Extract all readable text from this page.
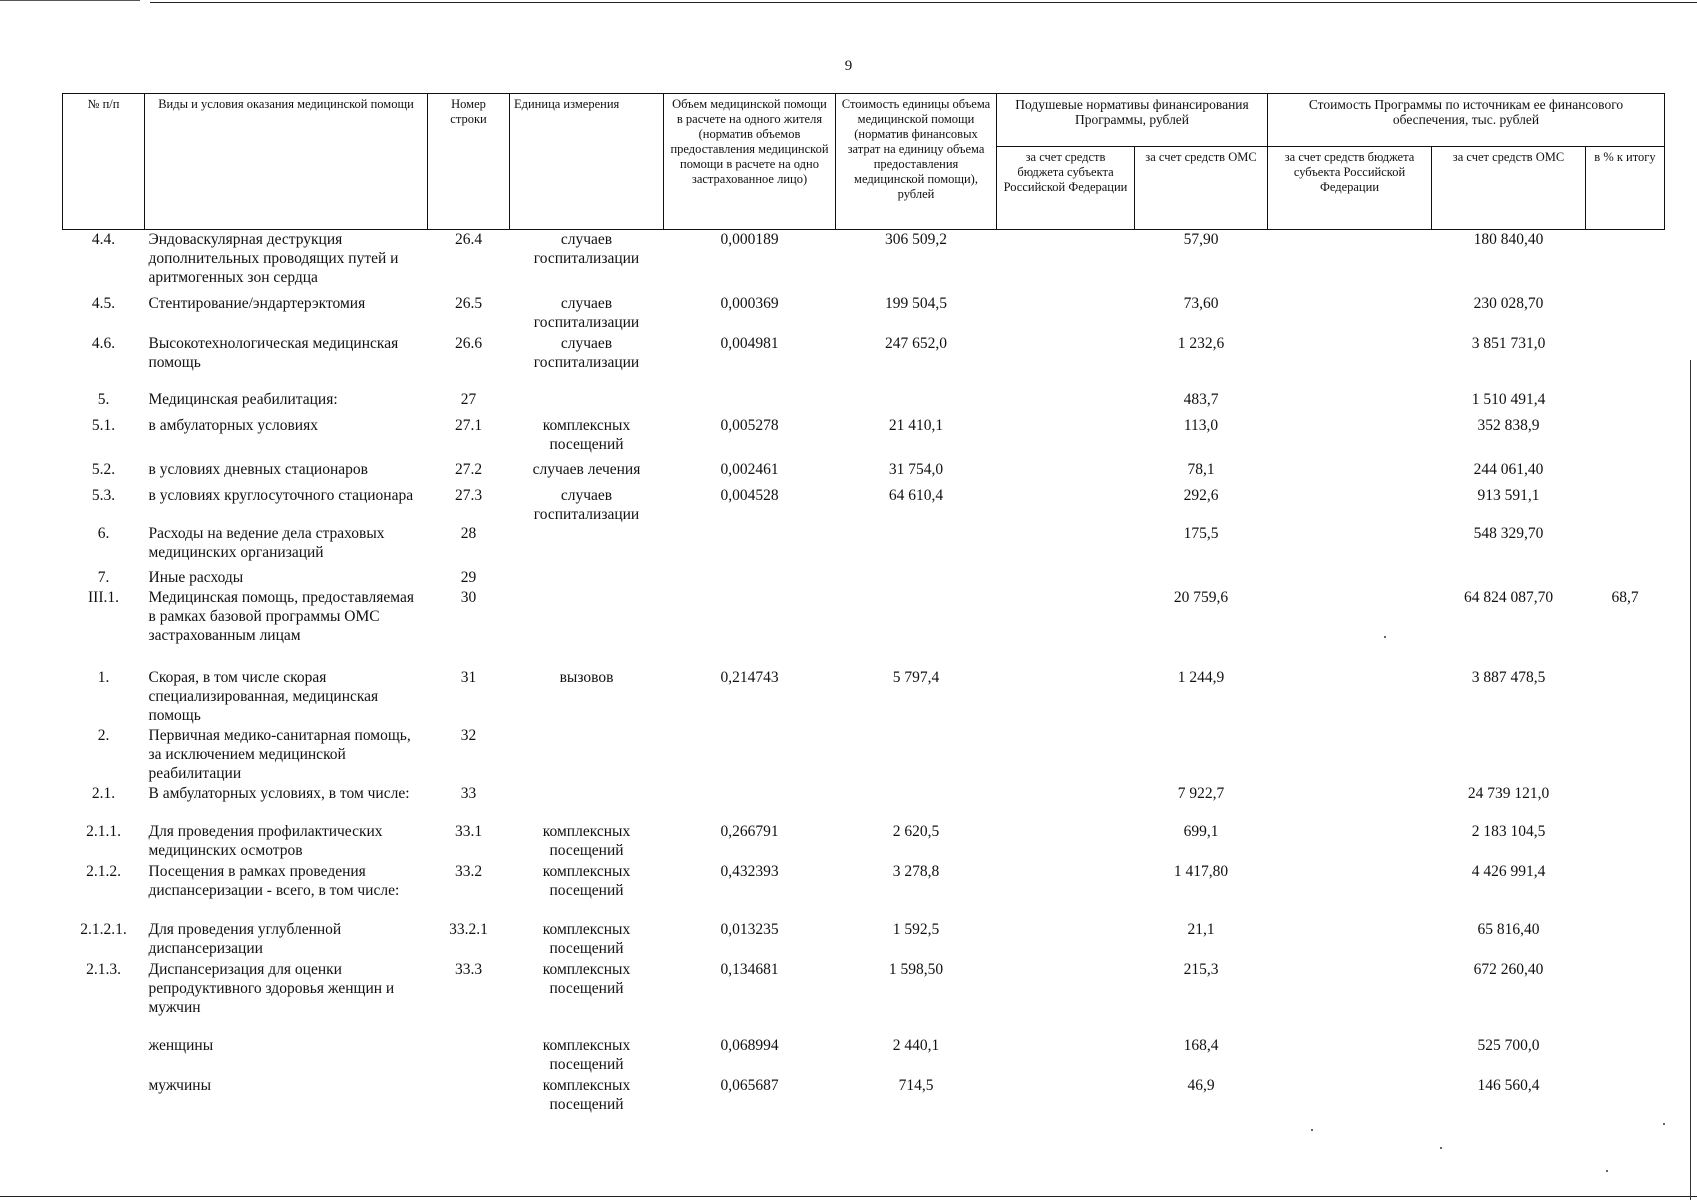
9
№ п/п	Виды и условия оказания медицинской помощи	Номер строки	Единица измерения	Объем медицинской помощи в расчете на одного жителя (норматив объемов предоставления медицинской помощи в расчете на одно застрахованное лицо)	Стоимость единицы объема медицинской помощи (норматив финансовых затрат на единицу объема предоставления медицинской помощи), рублей	Подушевые нормативы финансирования Программы, рублей		Стоимость Программы по источникам ее финансового обеспечения, тыс. рублей		
						за счет средств бюджета субъекта Российской Федерации	за счет средств ОМС	за счет средств бюджета субъекта Российской Федерации	за счет средств ОМС	в % к итогу
4.4.	Эндоваскулярная деструкция дополнительных проводящих путей и аритмогенных зон сердца	26.4	случаев госпитализации	0,000189	306 509,2		57,90		180 840,40	
4.5.	Стентирование/эндартерэктомия	26.5	случаев госпитализации	0,000369	199 504,5		73,60		230 028,70	
4.6.	Высокотехнологическая медицинская помощь	26.6	случаев госпитализации	0,004981	247 652,0		1 232,6		3 851 731,0	
5.	Медицинская реабилитация:	27					483,7		1 510 491,4	
5.1.	в амбулаторных условиях	27.1	комплексных посещений	0,005278	21 410,1		113,0		352 838,9	
5.2.	в условиях дневных стационаров	27.2	случаев лечения	0,002461	31 754,0		78,1		244 061,40	
5.3.	в условиях круглосуточного стационара	27.3	случаев госпитализации	0,004528	64 610,4		292,6		913 591,1	
6.	Расходы на ведение дела страховых медицинских организаций	28					175,5		548 329,70	
7.	Иные расходы	29								
III.1.	Медицинская помощь, предоставляемая в рамках базовой программы ОМС застрахованным лицам	30					20 759,6		64 824 087,70	68,7
1.	Скорая, в том числе скорая специализированная, медицинская помощь	31	вызовов	0,214743	5 797,4		1 244,9		3 887 478,5	
2.	Первичная медико-санитарная помощь, за исключением медицинской реабилитации	32								
2.1.	В амбулаторных условиях, в том числе:	33					7 922,7		24 739 121,0	
2.1.1.	Для проведения профилактических медицинских осмотров	33.1	комплексных посещений	0,266791	2 620,5		699,1		2 183 104,5	
2.1.2.	Посещения в рамках проведения диспансеризации - всего, в том числе:	33.2	комплексных посещений	0,432393	3 278,8		1 417,80		4 426 991,4	
2.1.2.1.	Для проведения углубленной диспансеризации	33.2.1	комплексных посещений	0,013235	1 592,5		21,1		65 816,40	
2.1.3.	Диспансеризация для оценки репродуктивного здоровья женщин и мужчин	33.3	комплексных посещений	0,134681	1 598,50		215,3		672 260,40	
	женщины		комплексных посещений	0,068994	2 440,1		168,4		525 700,0	
	мужчины		комплексных посещений	0,065687	714,5		46,9		146 560,4	
